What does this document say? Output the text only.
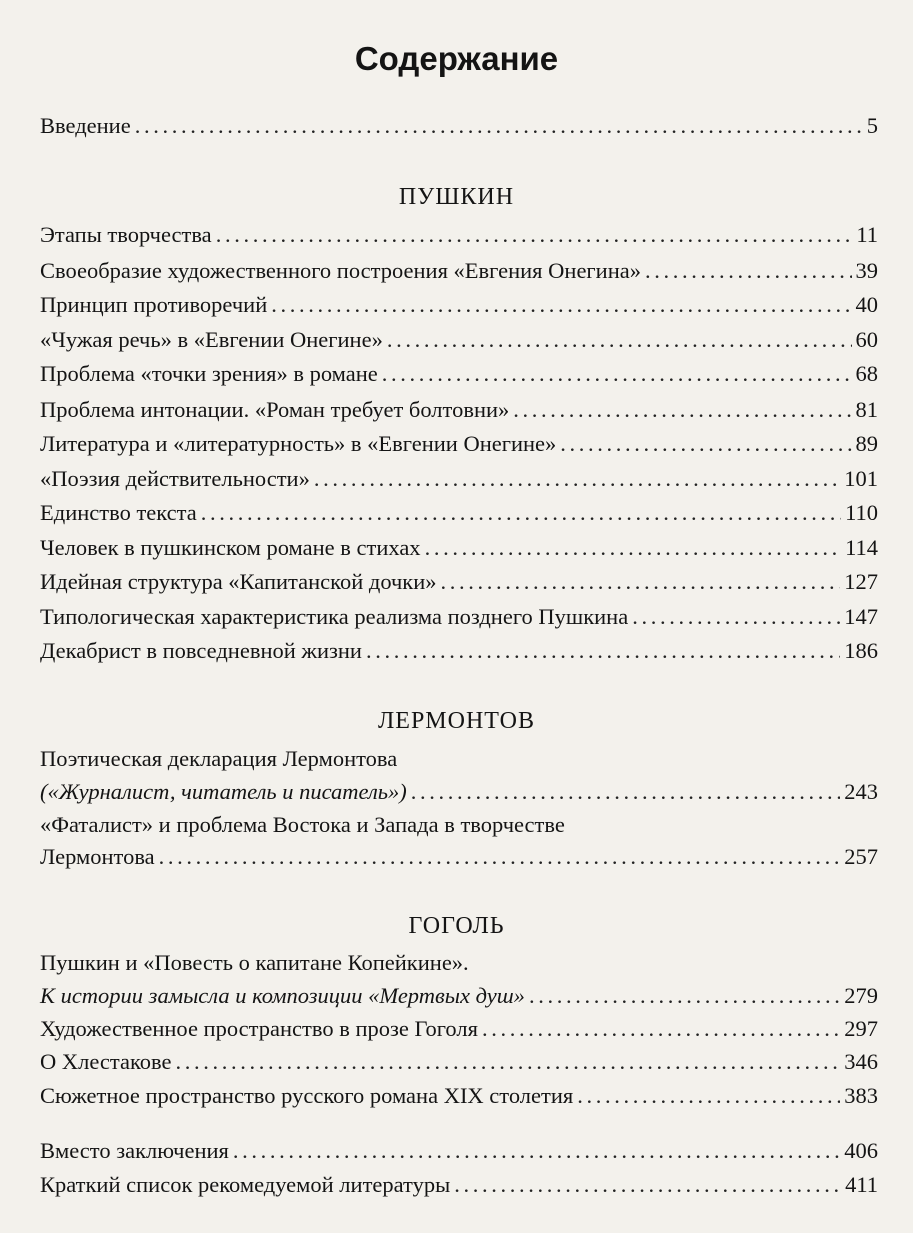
Содержание
Введение . . .	5
ПУШКИН
Этапы творчества . . .	11
Своеобразие художественного построения «Евгения Онегина» . . .	39
Принцип противоречий . . .	40
«Чужая речь» в «Евгении Онегине» . . .	60
Проблема «точки зрения» в романе . . .	68
Проблема интонации. «Роман требует болтовни» . . .	81
Литература и «литературность» в «Евгении Онегине» . . .	89
«Поэзия действительности» . . .	101
Единство текста . . .	110
Человек в пушкинском романе в стихах . . .	114
Идейная структура «Капитанской дочки» . . .	127
Типологическая характеристика реализма позднего Пушкина . . .	147
Декабрист в повседневной жизни . . .	186
ЛЕРМОНТОВ
Поэтическая декларация Лермонтова
(«Журналист, читатель и писатель») . . .	243
«Фаталист» и проблема Востока и Запада в творчестве
Лермонтова . . .	257
ГОГОЛЬ
Пушкин и «Повесть о капитане Копейкине».
К истории замысла и композиции «Мертвых душ» . . .	279
Художественное пространство в прозе Гоголя . . .	297
О Хлестакове . . .	346
Сюжетное пространство русского романа XIX столетия . . .	383
Вместо заключения . . .	406
Краткий список рекомедуемой литературы . . .	411
